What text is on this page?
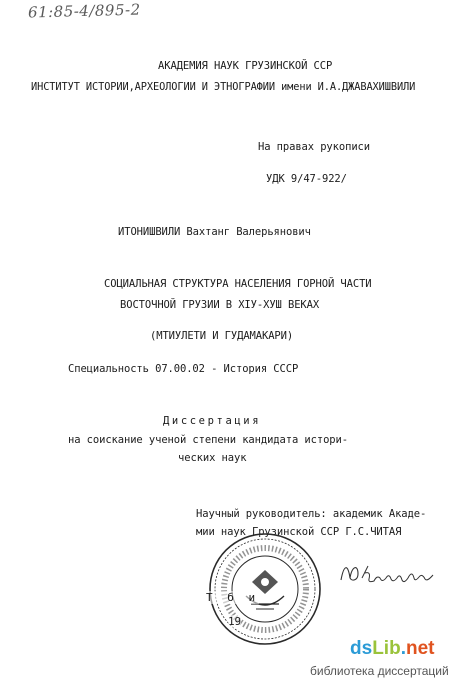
61:85-4/895-2
АКАДЕМИЯ НАУК ГРУЗИНСКОЙ ССР
ИНСТИТУТ ИСТОРИИ,АРХЕОЛОГИИ И ЭТНОГРАФИИ имени И.А.ДЖАВАХИШВИЛИ
На правах рукописи
УДК 9/47-922/
ИТОНИШВИЛИ Вахтанг Валерьянович
СОЦИАЛЬНАЯ СТРУКТУРА НАСЕЛЕНИЯ ГОРНОЙ ЧАСТИ
ВОСТОЧНОЙ ГРУЗИИ В XIУ-ХУШ ВЕКАХ
(МТИУЛЕТИ И ГУДАМАКАРИ)
Специальность 07.00.02 - История СССР
Диссертация
на соискание ученой степени кандидата истори-
ческих наук
Научный руководитель: академик Акаде-
мии наук Грузинской ССР Г.С.ЧИТАЯ
Т б и
19
dsLib.net
библиотека диссертаций
